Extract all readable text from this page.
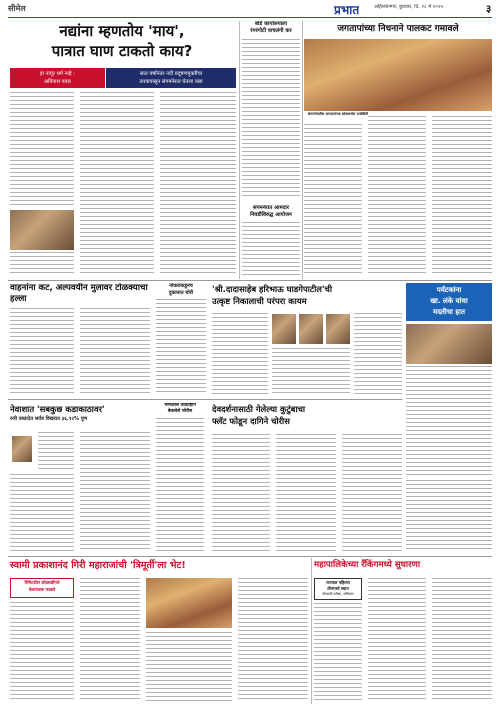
सीमेल	प्रभात	अहिल्यानगर, बुधवार, दि. २८ मे २०२५	३
नद्यांना म्हणतोय 'माय',
पात्रात घाण टाकतो काय?
हा नागूर धर्म नव्हे :
अविनाश पवार
सात वर्षांनंतर नदी प्रदूषणमुक्तीचा
उपयायासून संगमनेरात घेतला वसा
बोर्ड कार्यालयाला
रंगरंगोटी वाचलंगी कर
संगमनेरात आमदार
निवडीविरुद्ध आयोजन
जगतापांच्या निधनाने पालकट गमावले
संगमनेरातील जगतापांच्या शोकसभेस उपस्थिती
वाहनांना कट, अल्पवयीन मुलावर टोळक्याचा हल्ला
नोकराकडूनच
दुकानात चोरी	'श्री.दादासाहेब हरिभाऊ घाडगेपाटील'ची
उत्कृष्ट निकालाची परंपरा कायम
पर्यटकांना
खा. लंके यांचा
मदतीचा हात
नेवाशात 'सबकुछ कडाकाठावर'
रजी वस्तादेत सर्वत्र विखरात ३६.९२% पुण
भोगळील तीव्रतहाने
बेकलेले चोरीस	देवदर्शनासाठी गेलेल्या कुटुंबाचा
फ्लॅट फोडून दागिने चोरीस
स्वामी प्रकाशानंद गिरी महाराजांची 'त्रिमूर्ती'ला भेट!
रिमिटडील लोडशडींगचे
वेळापत्रक फाडले
महापालिकेच्या रँकिंगमध्ये सुधारणा
राज्यात पहिल्या
तीनमध्ये स्थान
गौरवाची परीक्षा, अभियान
